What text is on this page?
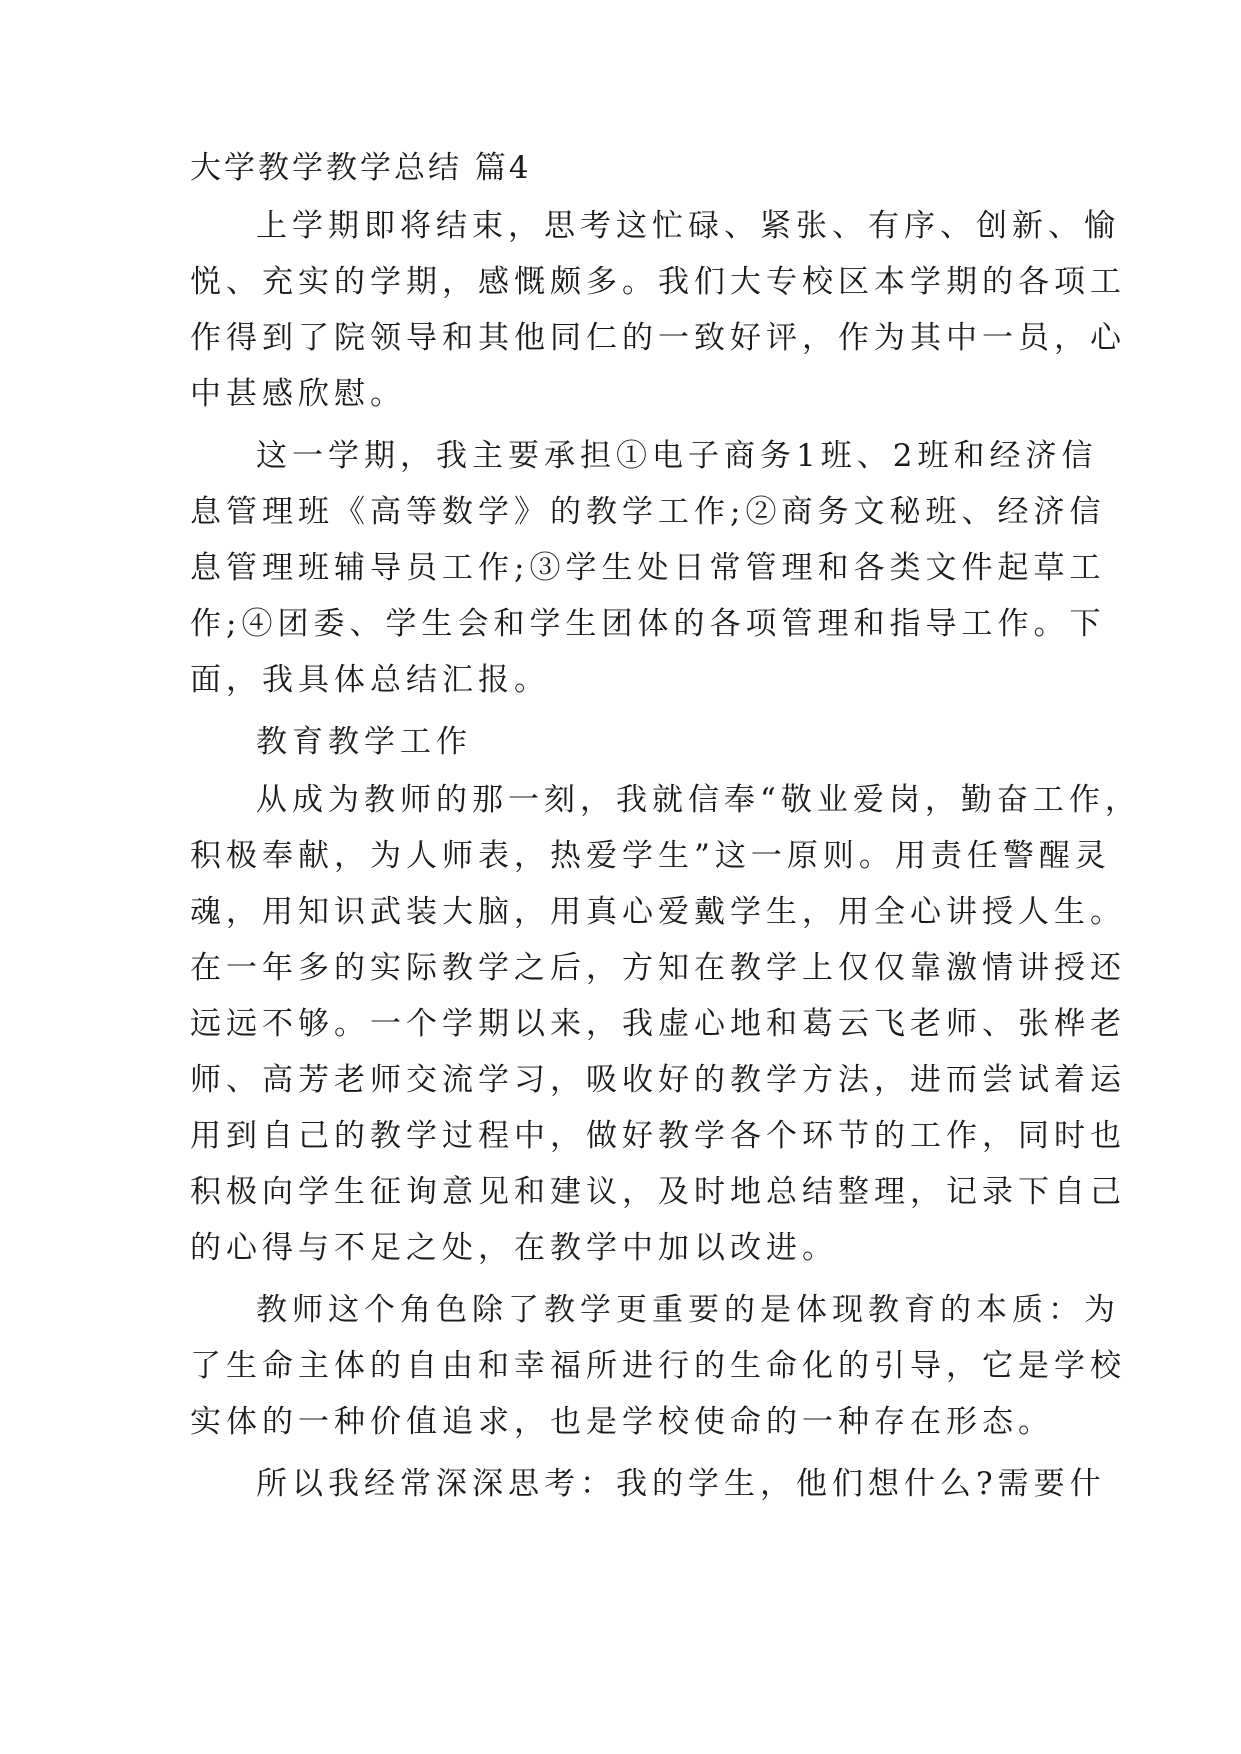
大学教学教学总结 篇4
上学期即将结束，思考这忙碌、紧张、有序、创新、愉
悦、充实的学期，感慨颇多。我们大专校区本学期的各项工
作得到了院领导和其他同仁的一致好评，作为其中一员，心
中甚感欣慰。
这一学期，我主要承担①电子商务1班、2班和经济信
息管理班《高等数学》的教学工作;②商务文秘班、经济信
息管理班辅导员工作;③学生处日常管理和各类文件起草工
作;④团委、学生会和学生团体的各项管理和指导工作。下
面，我具体总结汇报。
教育教学工作
从成为教师的那一刻，我就信奉“敬业爱岗，勤奋工作，
积极奉献，为人师表，热爱学生”这一原则。用责任警醒灵
魂，用知识武装大脑，用真心爱戴学生，用全心讲授人生。
在一年多的实际教学之后，方知在教学上仅仅靠激情讲授还
远远不够。一个学期以来，我虚心地和葛云飞老师、张桦老
师、高芳老师交流学习，吸收好的教学方法，进而尝试着运
用到自己的教学过程中，做好教学各个环节的工作，同时也
积极向学生征询意见和建议，及时地总结整理，记录下自己
的心得与不足之处，在教学中加以改进。
教师这个角色除了教学更重要的是体现教育的本质：为
了生命主体的自由和幸福所进行的生命化的引导，它是学校
实体的一种价值追求，也是学校使命的一种存在形态。
所以我经常深深思考：我的学生，他们想什么?需要什
